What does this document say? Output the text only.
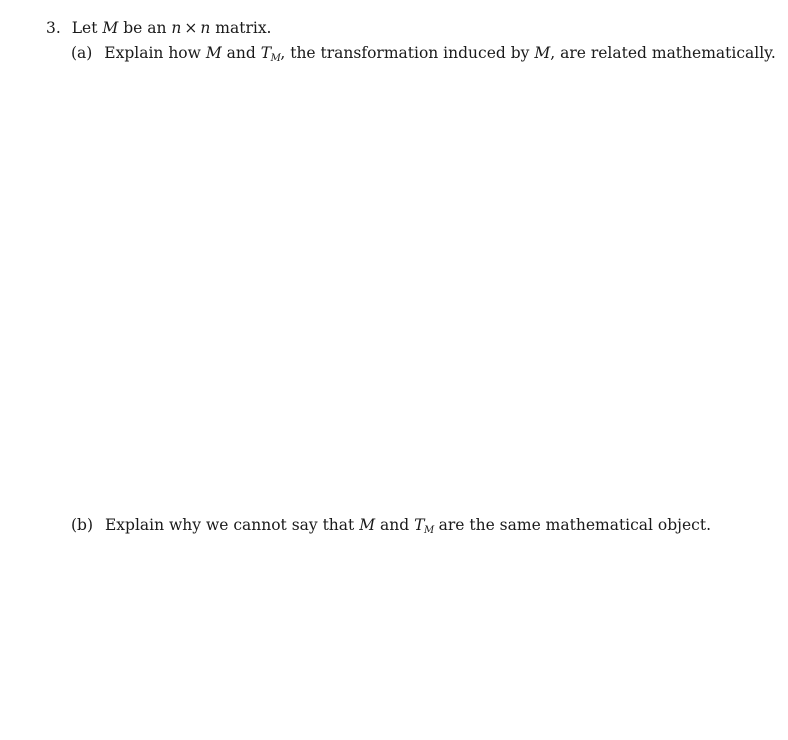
3. Let M be an n × n matrix.
(a) Explain how M and $T_M$, the transformation induced by M, are related mathematically.
(b) Explain why we cannot say that M and $T_M$ are the same mathematical object.
